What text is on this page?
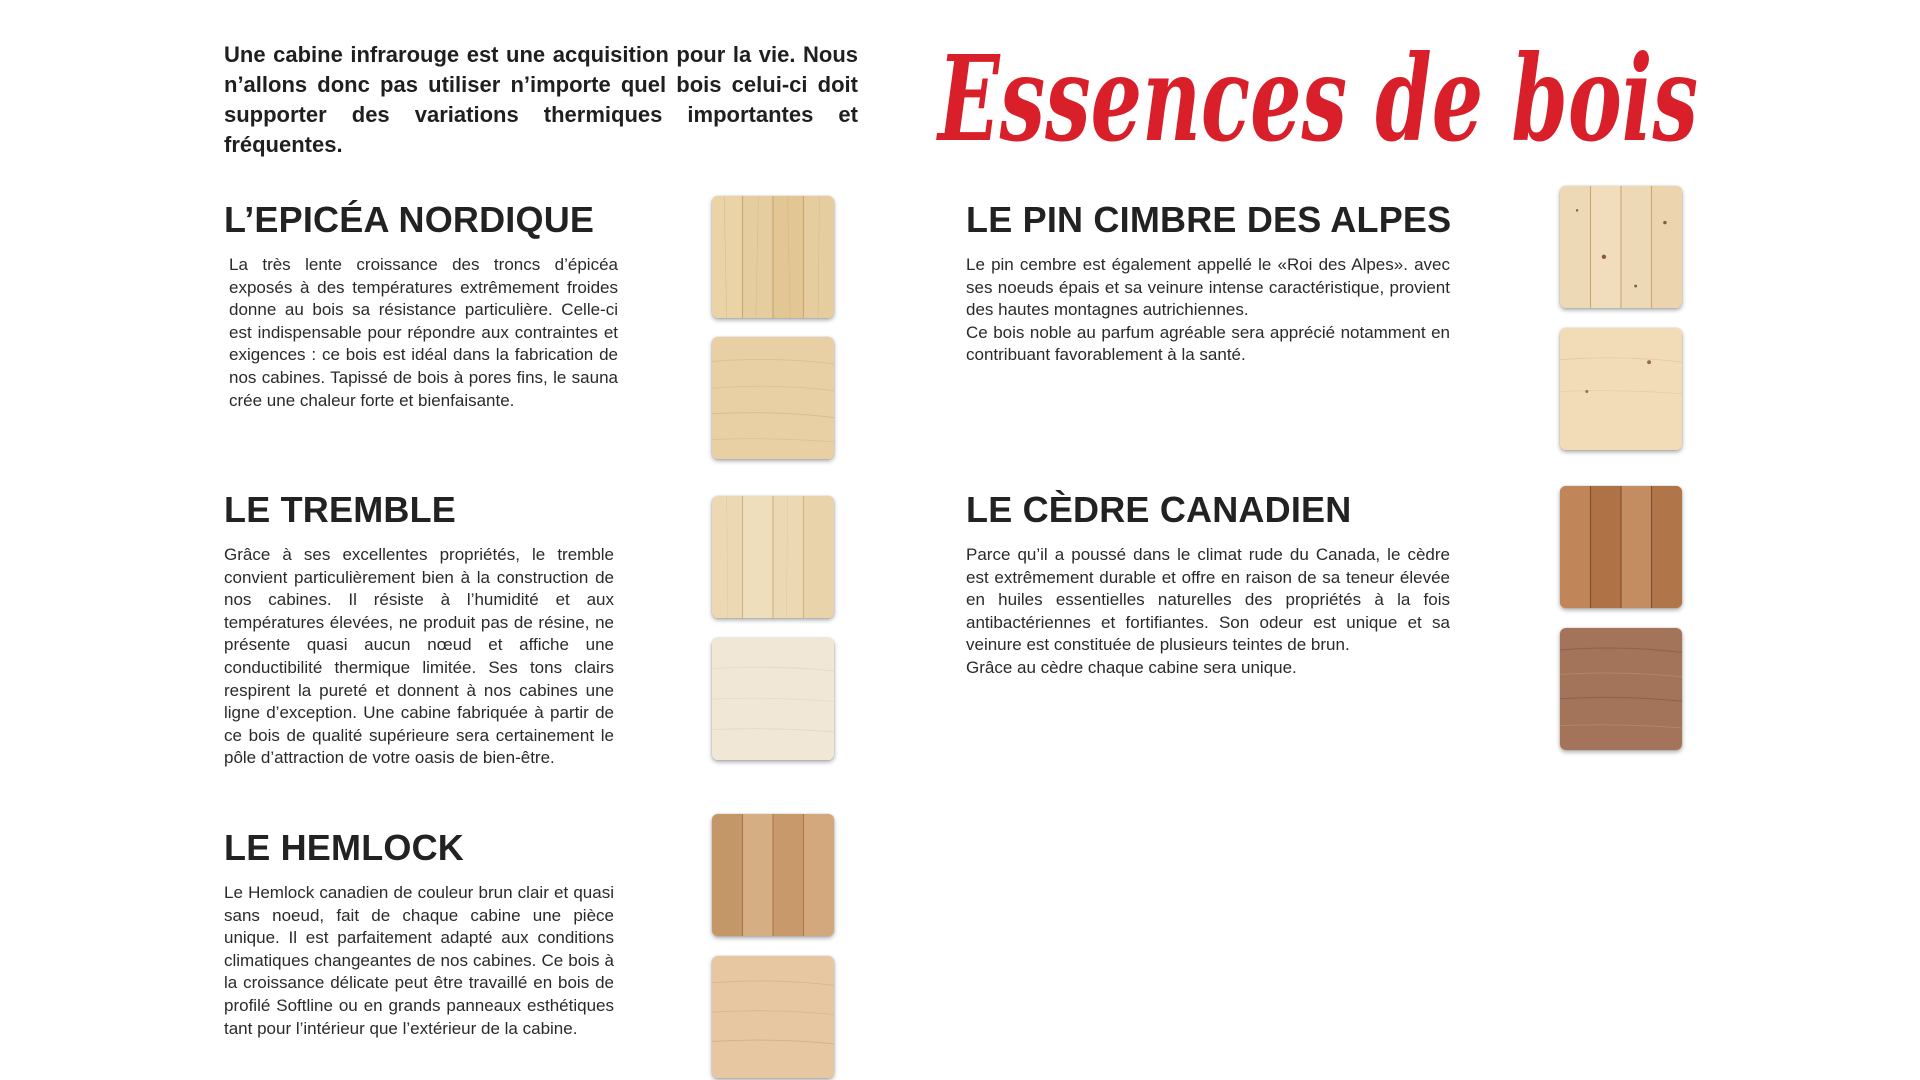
Une cabine infrarouge est une acquisition pour la vie. Nous n’allons donc pas utiliser n’importe quel bois celui-ci doit supporter des variations thermiques importantes et fréquentes.	Essences de bois
L’EPICÉA NORDIQUE

La très lente croissance des troncs d’épicéa exposés à des températures extrêmement froides donne au bois sa résistance particulière. Celle-ci est indispensable pour répondre aux contraintes et exigences : ce bois est idéal dans la fabrication de nos cabines. Tapissé de bois à pores fins, le sauna crée une chaleur forte et bienfaisante.

LE TREMBLE

Grâce à ses excellentes propriétés, le tremble convient particulièrement bien à la construction de nos cabines. Il résiste à l’humidité et aux températures élevées, ne produit pas de résine, ne présente quasi aucun nœud et affiche une conductibilité thermique limitée. Ses tons clairs respirent la pureté et donnent à nos cabines une ligne d’exception. Une cabine fabriquée à partir de ce bois de qualité supérieure sera certainement le pôle d’attraction de votre oasis de bien-être.

LE HEMLOCK

Le Hemlock canadien de couleur brun clair et quasi sans noeud, fait de chaque cabine une pièce unique. Il est parfaitement adapté aux conditions climatiques changeantes de nos cabines. Ce bois à la croissance délicate peut être travaillé en bois de profilé Softline ou en grands panneaux esthétiques tant pour l’intérieur que l’extérieur de la cabine.

LE PIN CIMBRE DES ALPES

Le pin cembre est également appellé le «Roi des Alpes». avec ses noeuds épais et sa veinure intense caractéristique, provient des hautes montagnes autrichiennes.

Ce bois noble au parfum agréable sera apprécié notamment en contribuant favorablement à la santé.

LE CÈDRE CANADIEN

Parce qu’il a poussé dans le climat rude du Canada, le cèdre est extrêmement durable et offre en raison de sa teneur élevée en huiles essentielles naturelles des propriétés à la fois antibactériennes et fortifiantes. Son odeur est unique et sa veinure est constituée de plusieurs teintes de brun.

Grâce au cèdre chaque cabine sera unique.
